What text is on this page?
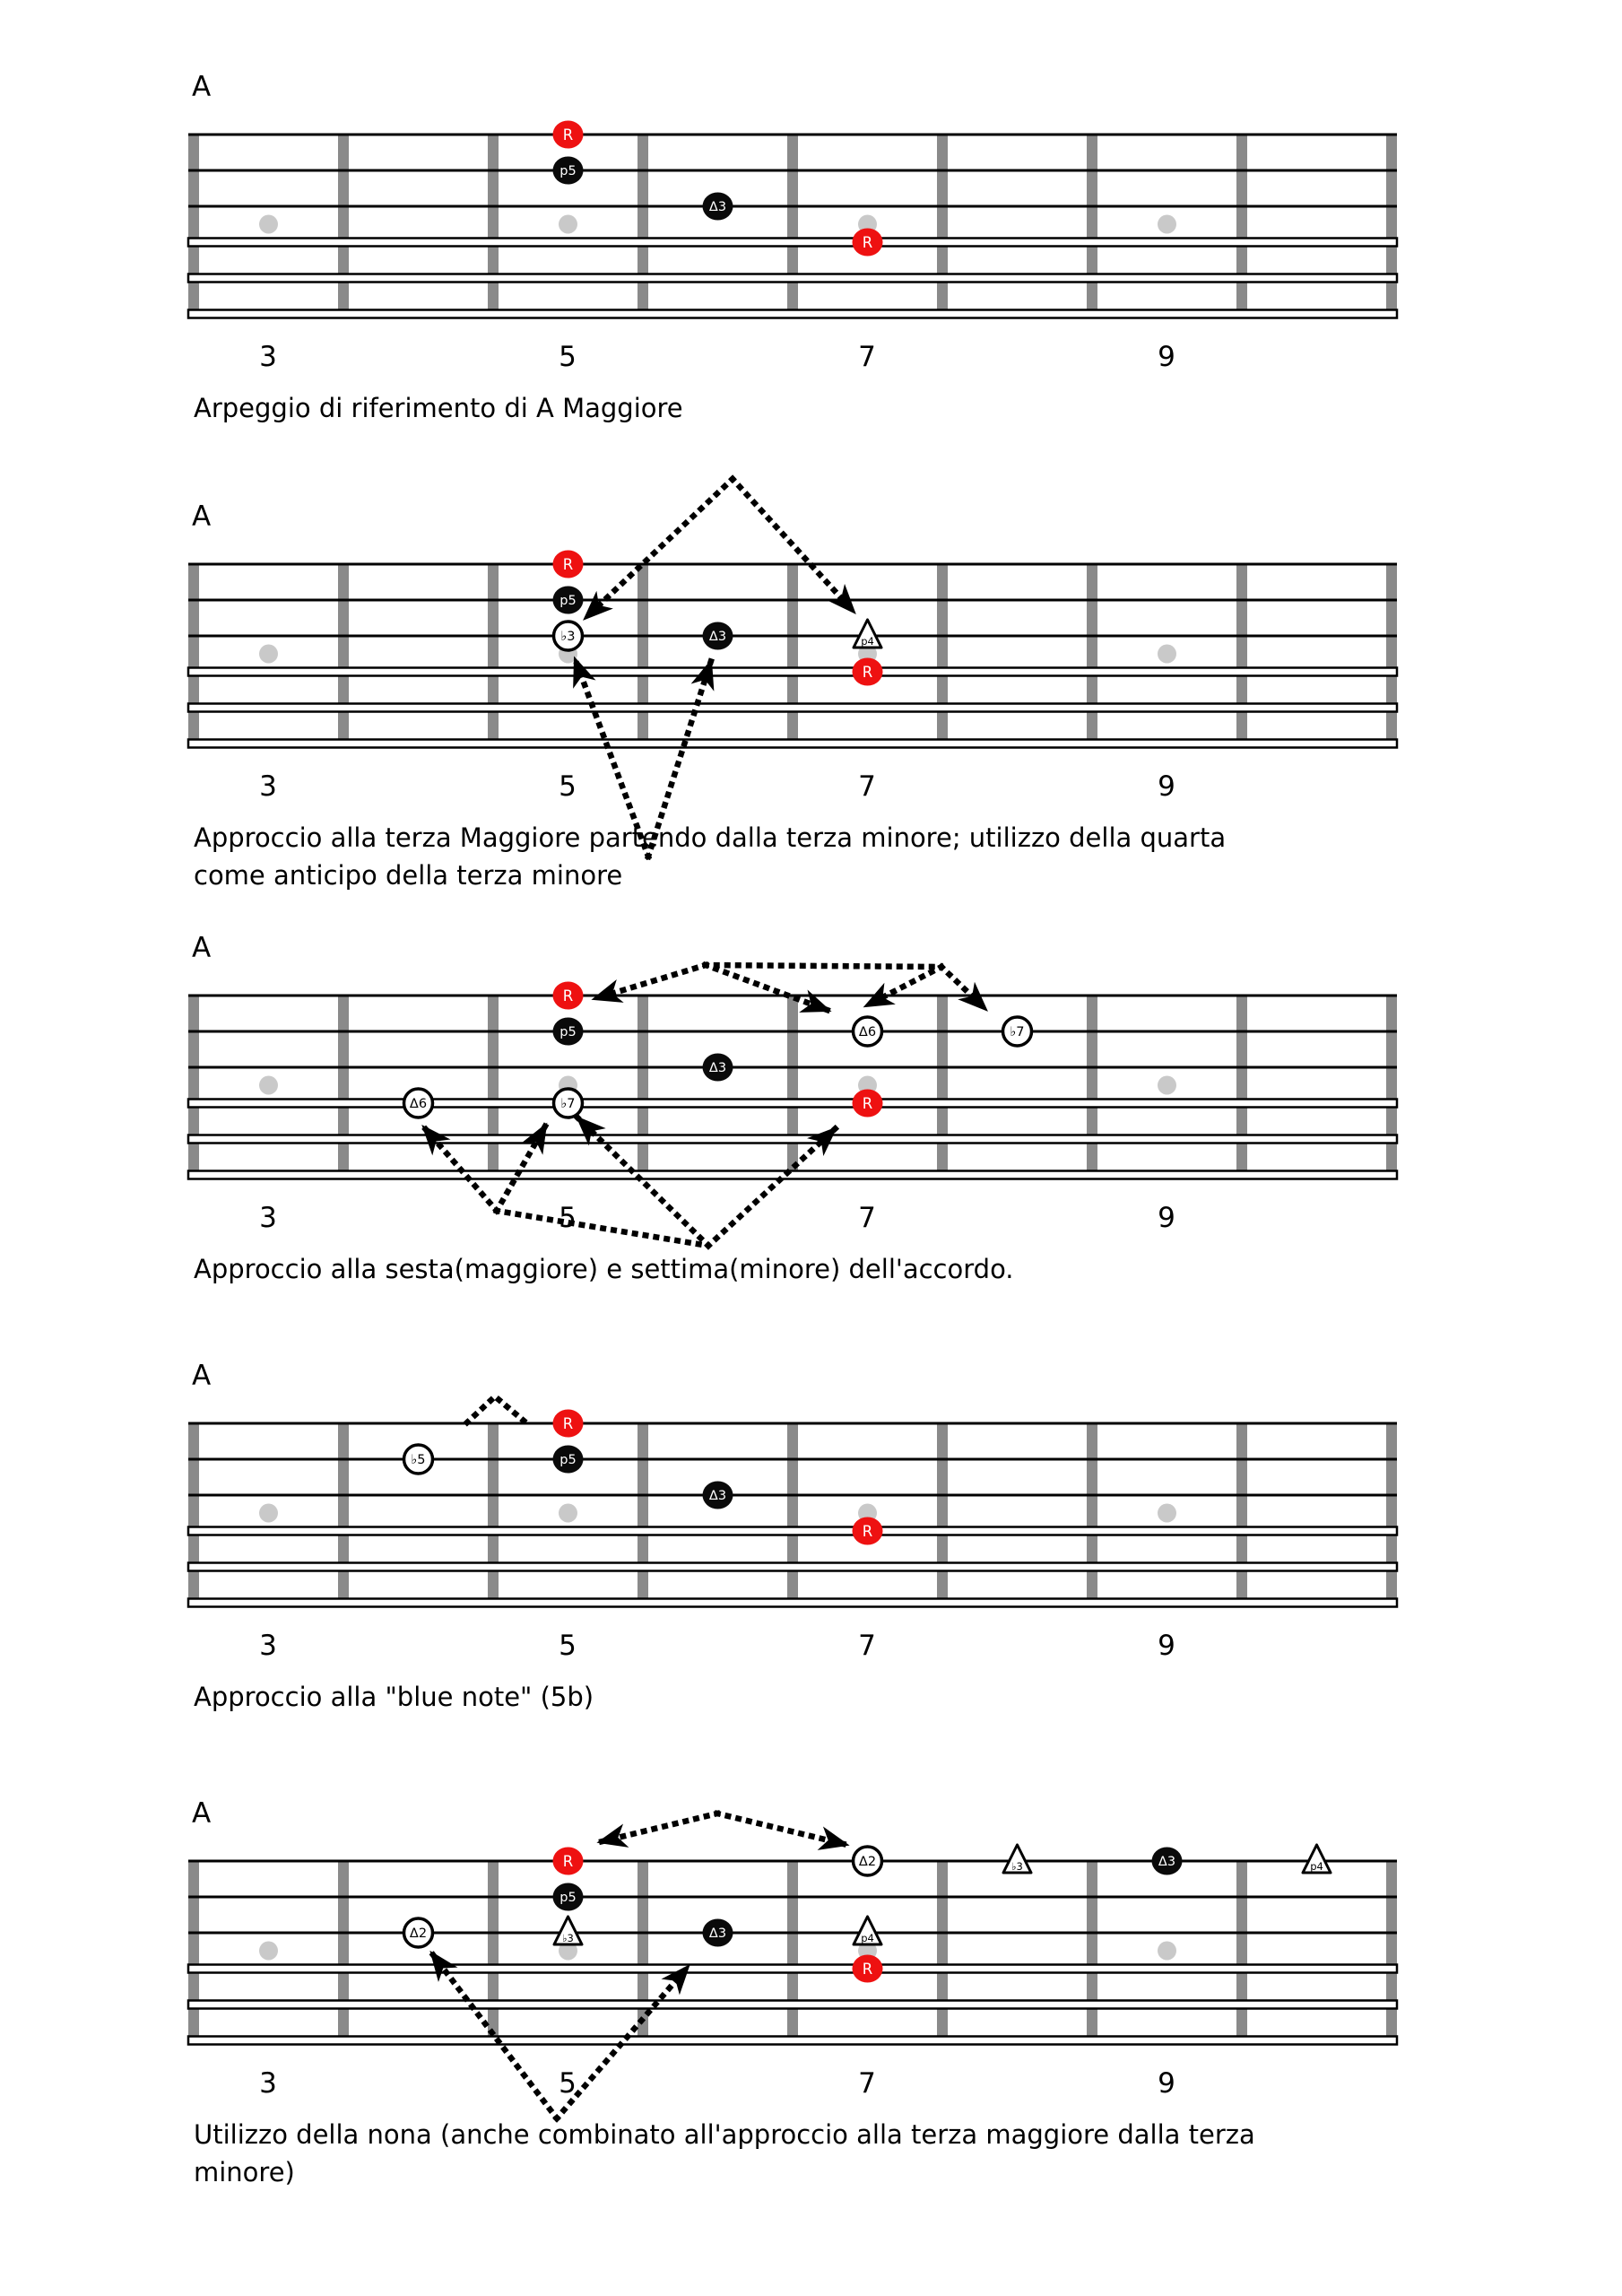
R
p5
Δ3
R
R
p5
♭3	Δ3	p4
R
R
p5	Δ6	♭7
Δ3
Δ6	♭7	R
R
♭5	p5
Δ3
R
R	Δ2	♭3	Δ3	p4
p5
Δ2	♭3	Δ3	p4
R
A
3	5	7	9
Arpeggio di riferimento di A Maggiore
A
3	5	7	9
Approccio alla terza Maggiore partendo dalla terza minore; utilizzo della quarta
come anticipo della terza minore
A
3	5	7	9
Approccio alla sesta(maggiore) e settima(minore) dell'accordo.
A
3	5	7	9
Approccio alla "blue note" (5b)
A
3	5	7	9
Utilizzo della nona (anche combinato all'approccio alla terza maggiore dalla terza
minore)
